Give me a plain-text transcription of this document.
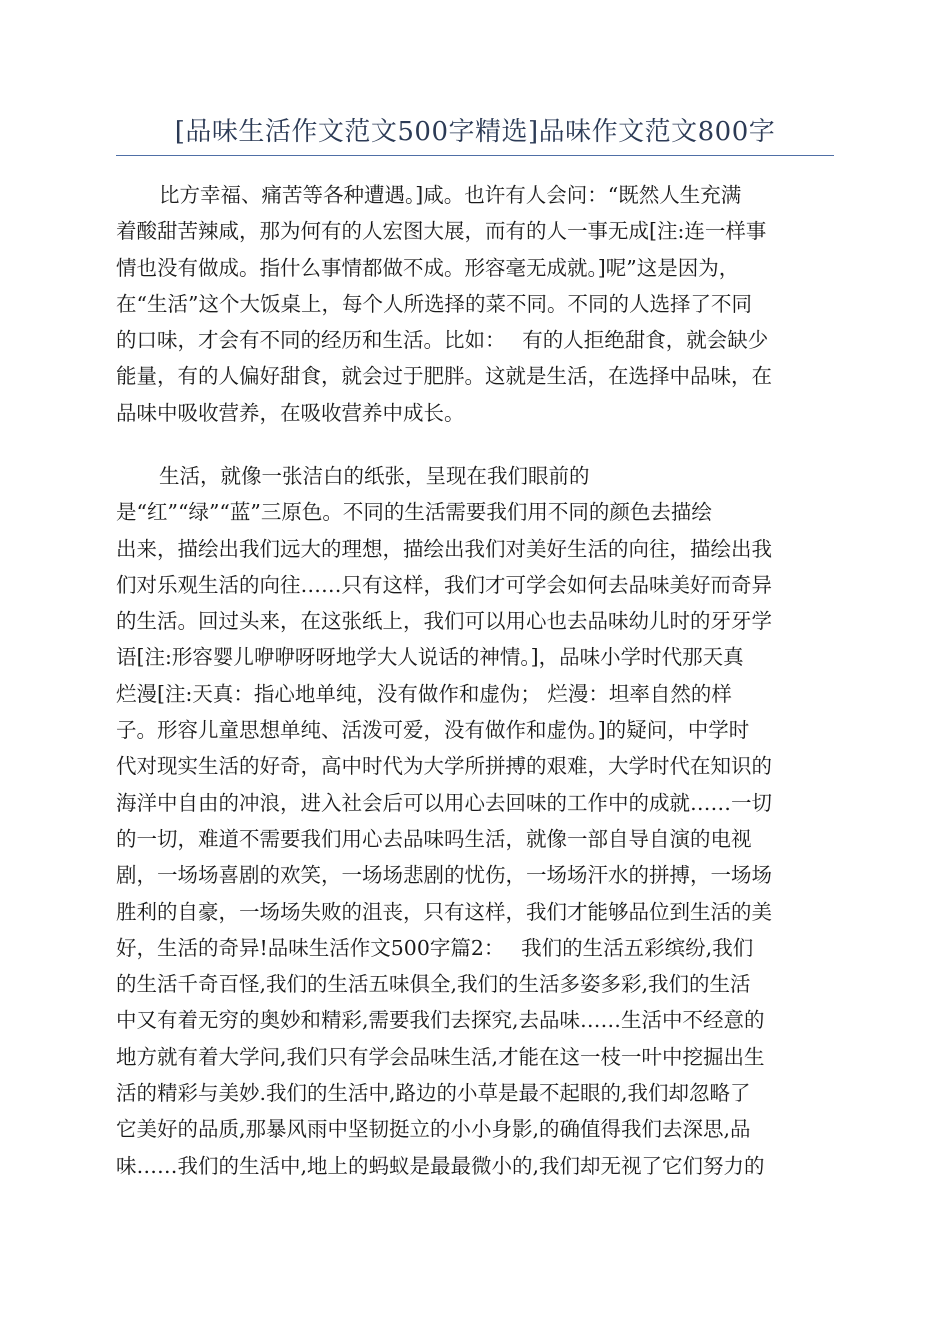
[品味生活作文范文500字精选]品味作文范文800字
比方幸福、痛苦等各种遭遇。]咸。也许有人会问：“既然人生充满
着酸甜苦辣咸，那为何有的人宏图大展，而有的人一事无成[注:连一样事
情也没有做成。指什么事情都做不成。形容毫无成就。]呢”这是因为，
在“生活”这个大饭桌上，每个人所选择的菜不同。不同的人选择了不同
的口味，才会有不同的经历和生活。比如：　 有的人拒绝甜食，就会缺少
能量，有的人偏好甜食，就会过于肥胖。这就是生活，在选择中品味，在
品味中吸收营养，在吸收营养中成长。
生活，就像一张洁白的纸张，呈现在我们眼前的
是“红”“绿”“蓝”三原色。不同的生活需要我们用不同的颜色去描绘
出来，描绘出我们远大的理想，描绘出我们对美好生活的向往，描绘出我
们对乐观生活的向往……只有这样，我们才可学会如何去品味美好而奇异
的生活。回过头来，在这张纸上，我们可以用心也去品味幼儿时的牙牙学
语[注:形容婴儿咿咿呀呀地学大人说话的神情。]，品味小学时代那天真
烂漫[注:天真：指心地单纯，没有做作和虚伪； 烂漫：坦率自然的样
子。形容儿童思想单纯、活泼可爱，没有做作和虚伪。]的疑问，中学时
代对现实生活的好奇，高中时代为大学所拼搏的艰难，大学时代在知识的
海洋中自由的冲浪，进入社会后可以用心去回味的工作中的成就……一切
的一切，难道不需要我们用心去品味吗生活，就像一部自导自演的电视
剧，一场场喜剧的欢笑，一场场悲剧的忧伤，一场场汗水的拼搏，一场场
胜利的自豪，一场场失败的沮丧，只有这样，我们才能够品位到生活的美
好，生活的奇异!品味生活作文500字篇2：　 我们的生活五彩缤纷,我们
的生活千奇百怪,我们的生活五味俱全,我们的生活多姿多彩,我们的生活
中又有着无穷的奥妙和精彩,需要我们去探究,去品味……生活中不经意的
地方就有着大学问,我们只有学会品味生活,才能在这一枝一叶中挖掘出生
活的精彩与美妙.我们的生活中,路边的小草是最不起眼的,我们却忽略了
它美好的品质,那暴风雨中坚韧挺立的小小身影,的确值得我们去深思,品
味……我们的生活中,地上的蚂蚁是最最微小的,我们却无视了它们努力的
